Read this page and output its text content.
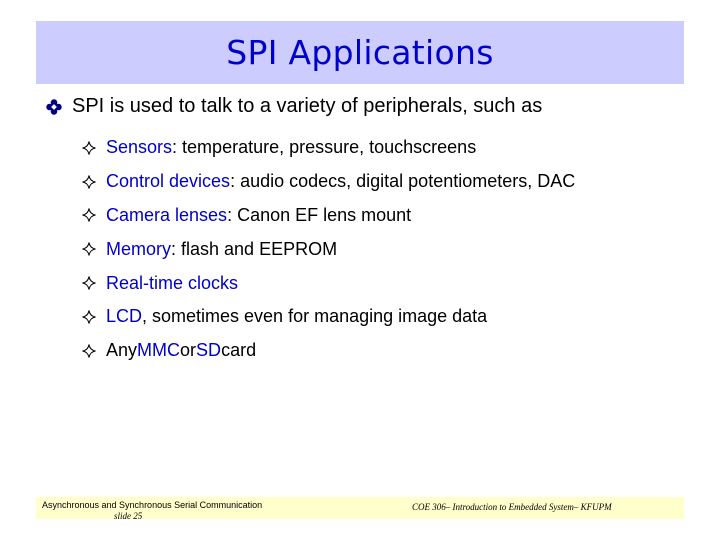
SPI Applications
SPI is used to talk to a variety of peripherals, such as
Sensors : temperature, pressure, touchscreens
Control devices : audio codecs, digital potentiometers, DAC
Camera lenses : Canon EF lens mount
Memory : flash and EEPROM
Real-time clocks
LCD , sometimes even for managing image data
Any MMC or SD card
Asynchronous and Synchronous Serial Communication
slide 25
COE 306– Introduction to Embedded System– KFUPM
